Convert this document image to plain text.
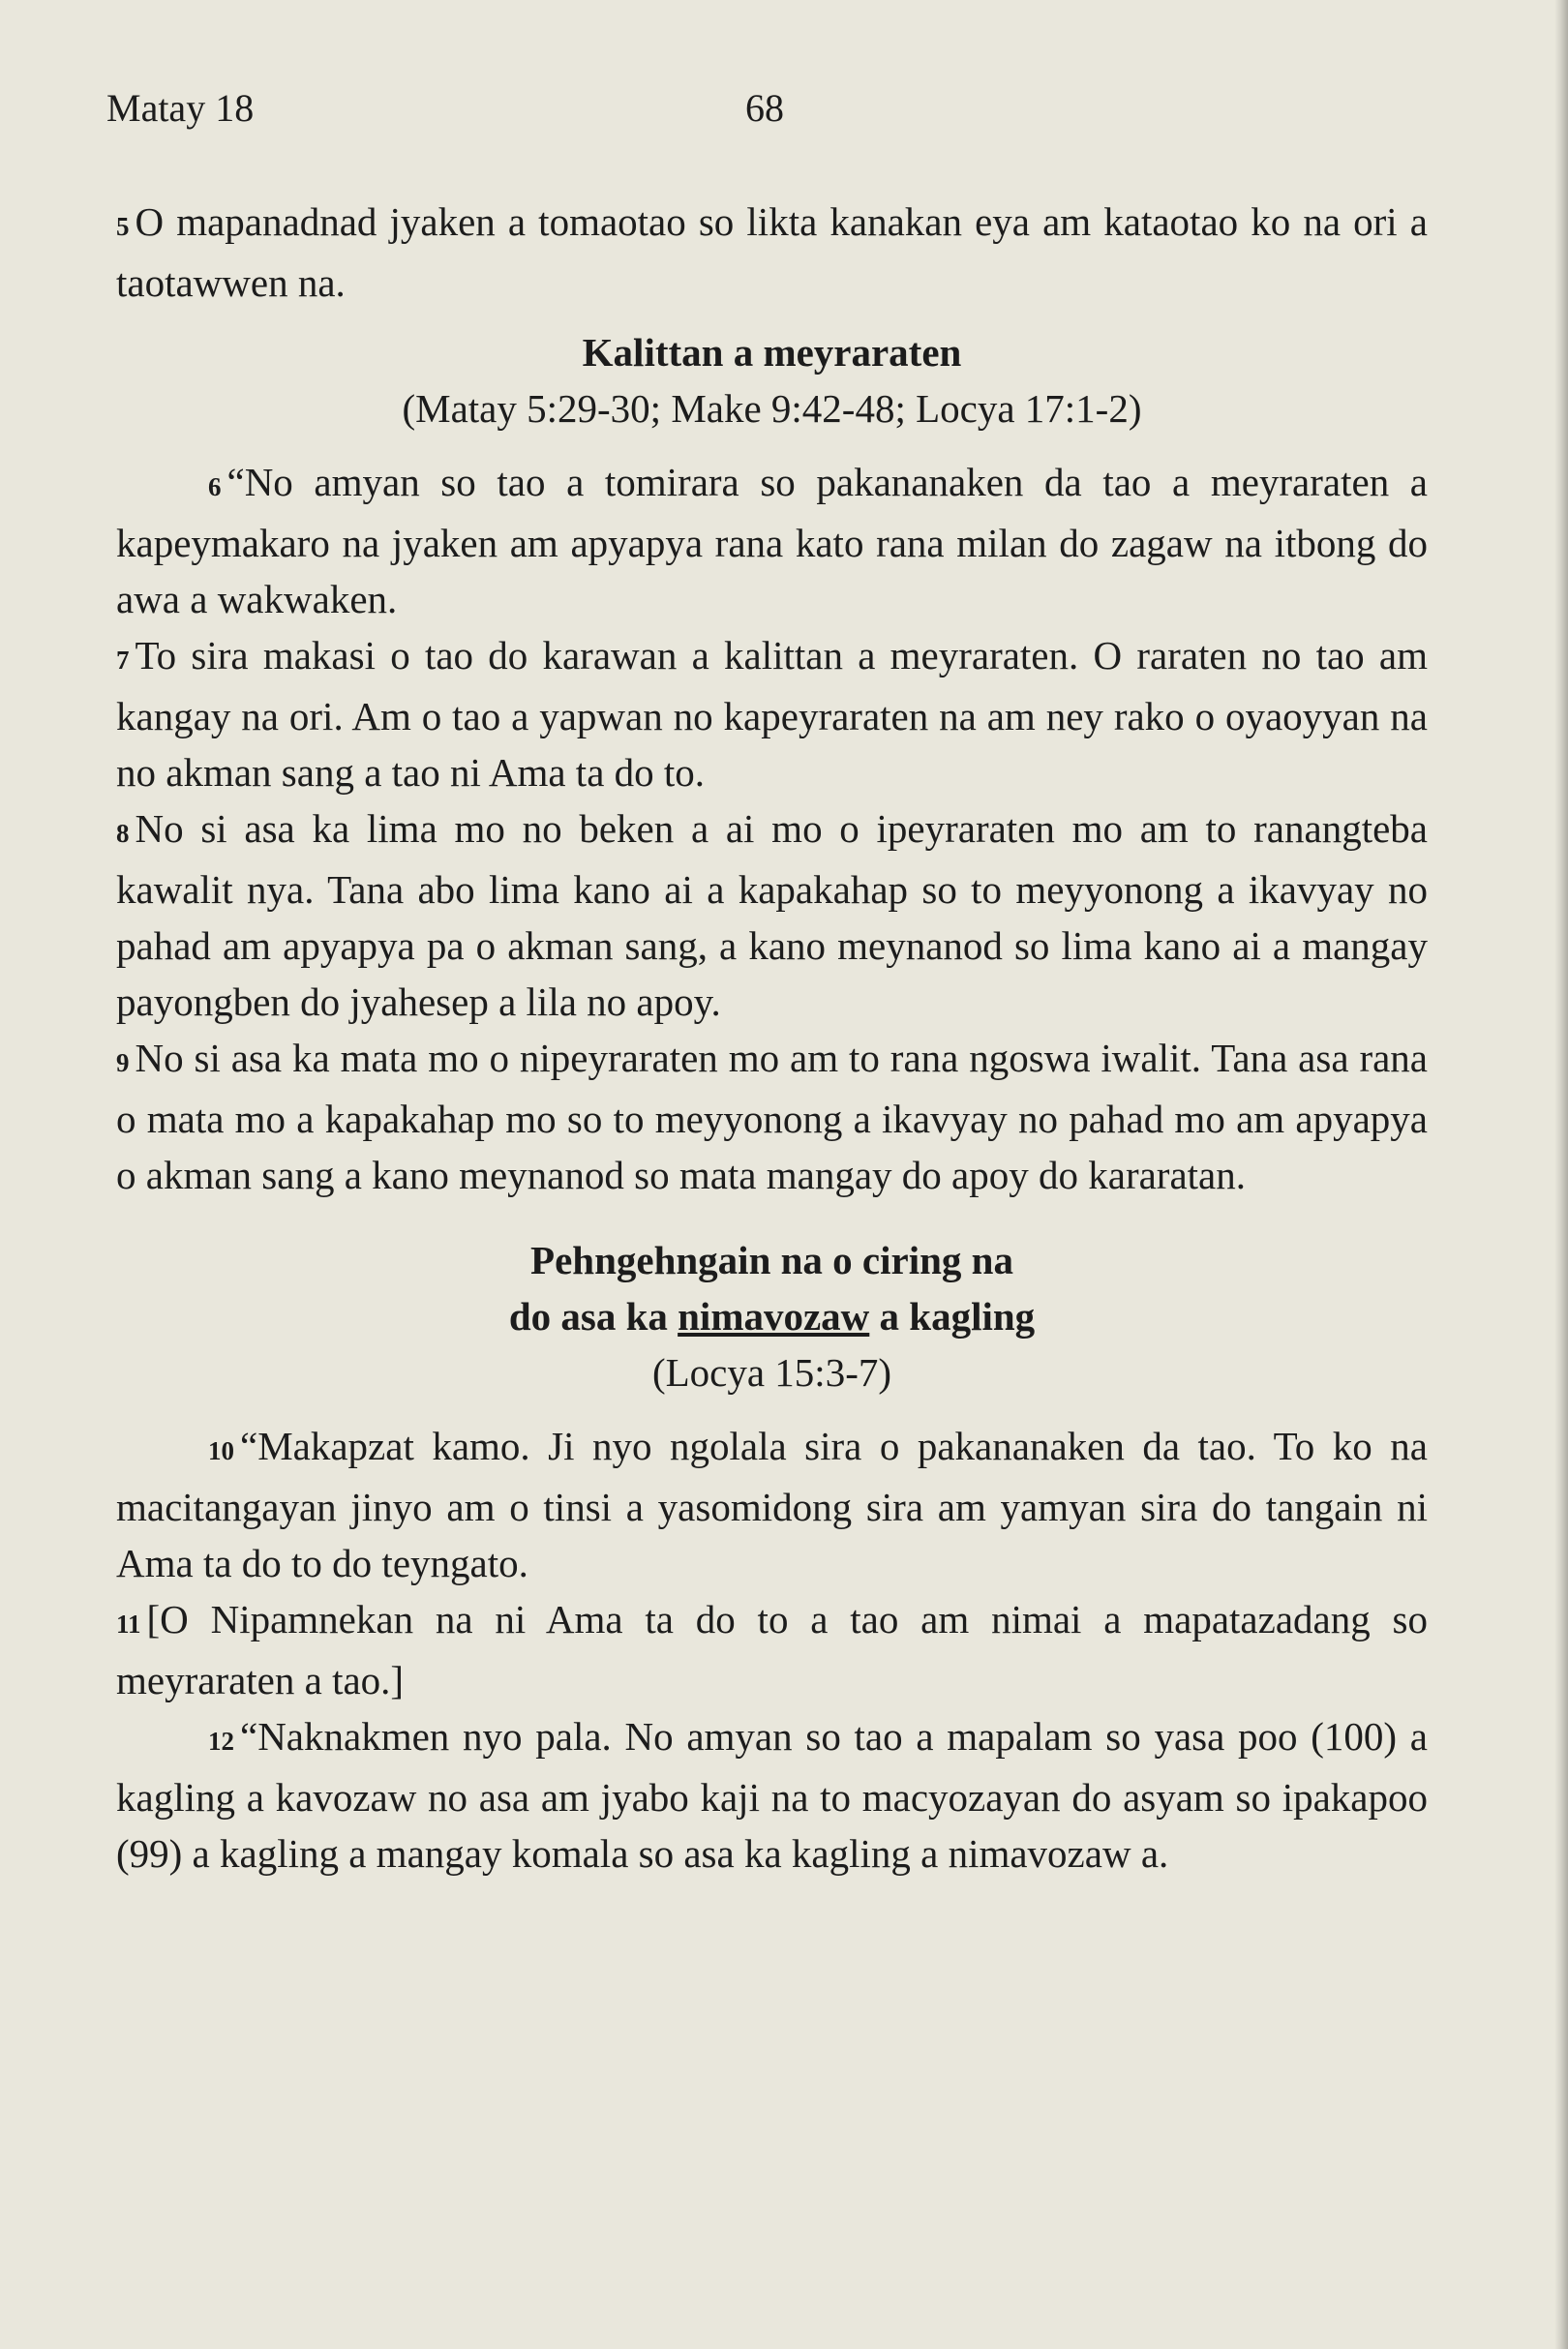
Matay 18	68

5 O mapanadnad jyaken a tomaotao so likta kanakan eya am kataotao ko na ori a taotawwen na.

Kalittan a meyraraten
(Matay 5:29-30; Make 9:42-48; Locya 17:1-2)

6 “No amyan so tao a tomirara so pakananaken da tao a meyraraten a kapeymakaro na jyaken am apyapya rana kato rana milan do zagaw na itbong do awa a wakwaken.

7 To sira makasi o tao do karawan a kalittan a meyraraten. O raraten no tao am kangay na ori. Am o tao a yapwan no kapeyraraten na am ney rako o oyaoyyan na no akman sang a tao ni Ama ta do to.

8 No si asa ka lima mo no beken a ai mo o ipeyraraten mo am to ranangteba kawalit nya. Tana abo lima kano ai a kapakahap so to meyyonong a ikavyay no pahad am apyapya pa o akman sang, a kano meynanod so lima kano ai a mangay payongben do jyahesep a lila no apoy.

9 No si asa ka mata mo o nipeyraraten mo am to rana ngoswa iwalit. Tana asa rana o mata mo a kapakahap mo so to meyyonong a ikavyay no pahad mo am apyapya o akman sang a kano meynanod so mata mangay do apoy do kararatan.

Pehngehngain na o ciring na
do asa ka nimavozaw a kagling
(Locya 15:3-7)

10 “Makapzat kamo. Ji nyo ngolala sira o pakananaken da tao. To ko na macitangayan jinyo am o tinsi a yasomidong sira am yamyan sira do tangain ni Ama ta do to do teyngato.

11 [O Nipamnekan na ni Ama ta do to a tao am nimai a mapatazadang so meyraraten a tao.]

12 “Naknakmen nyo pala. No amyan so tao a mapalam so yasa poo (100) a kagling a kavozaw no asa am jyabo kaji na to macyozayan do asyam so ipakapoo (99) a kagling a mangay komala so asa ka kagling a nimavozaw a.
